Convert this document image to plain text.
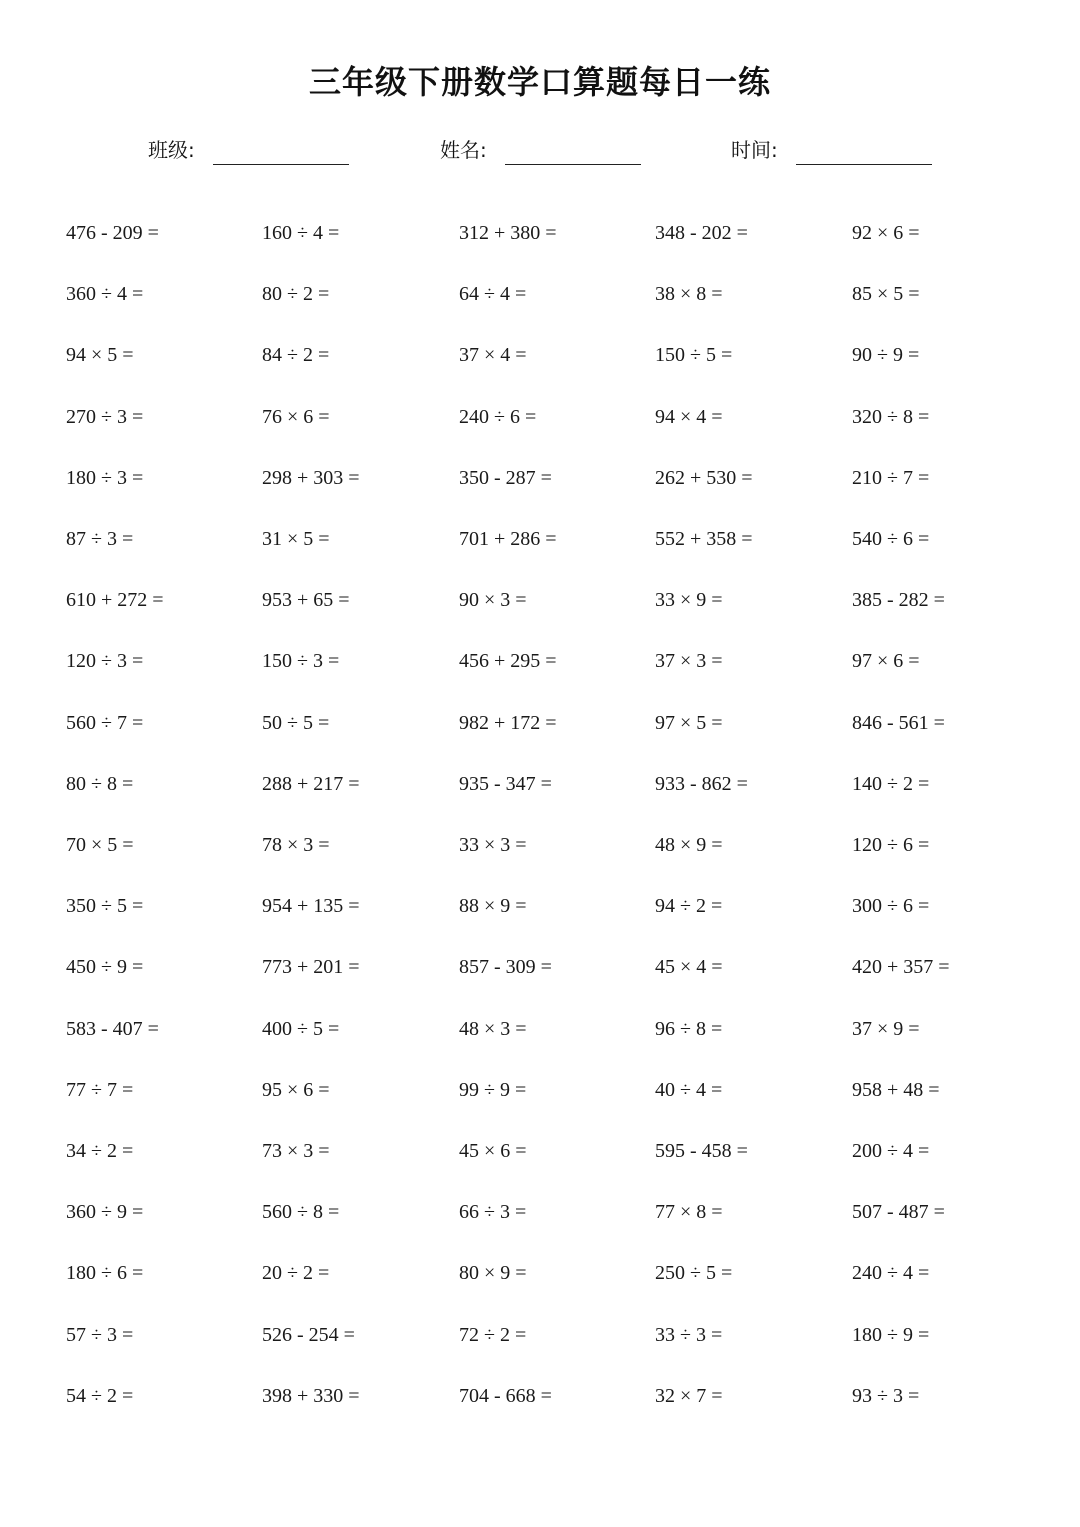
三年级下册数学口算题每日一练
班级:	姓名:	时间:
476 - 209 =	160 ÷ 4 =	312 + 380 =	348 - 202 =	92 × 6 =
360 ÷ 4 =	80 ÷ 2 =	64 ÷ 4 =	38 × 8 =	85 × 5 =
94 × 5 =	84 ÷ 2 =	37 × 4 =	150 ÷ 5 =	90 ÷ 9 =
270 ÷ 3 =	76 × 6 =	240 ÷ 6 =	94 × 4 =	320 ÷ 8 =
180 ÷ 3 =	298 + 303 =	350 - 287 =	262 + 530 =	210 ÷ 7 =
87 ÷ 3 =	31 × 5 =	701 + 286 =	552 + 358 =	540 ÷ 6 =
610 + 272 =	953 + 65 =	90 × 3 =	33 × 9 =	385 - 282 =
120 ÷ 3 =	150 ÷ 3 =	456 + 295 =	37 × 3 =	97 × 6 =
560 ÷ 7 =	50 ÷ 5 =	982 + 172 =	97 × 5 =	846 - 561 =
80 ÷ 8 =	288 + 217 =	935 - 347 =	933 - 862 =	140 ÷ 2 =
70 × 5 =	78 × 3 =	33 × 3 =	48 × 9 =	120 ÷ 6 =
350 ÷ 5 =	954 + 135 =	88 × 9 =	94 ÷ 2 =	300 ÷ 6 =
450 ÷ 9 =	773 + 201 =	857 - 309 =	45 × 4 =	420 + 357 =
583 - 407 =	400 ÷ 5 =	48 × 3 =	96 ÷ 8 =	37 × 9 =
77 ÷ 7 =	95 × 6 =	99 ÷ 9 =	40 ÷ 4 =	958 + 48 =
34 ÷ 2 =	73 × 3 =	45 × 6 =	595 - 458 =	200 ÷ 4 =
360 ÷ 9 =	560 ÷ 8 =	66 ÷ 3 =	77 × 8 =	507 - 487 =
180 ÷ 6 =	20 ÷ 2 =	80 × 9 =	250 ÷ 5 =	240 ÷ 4 =
57 ÷ 3 =	526 - 254 =	72 ÷ 2 =	33 ÷ 3 =	180 ÷ 9 =
54 ÷ 2 =	398 + 330 =	704 - 668 =	32 × 7 =	93 ÷ 3 =
